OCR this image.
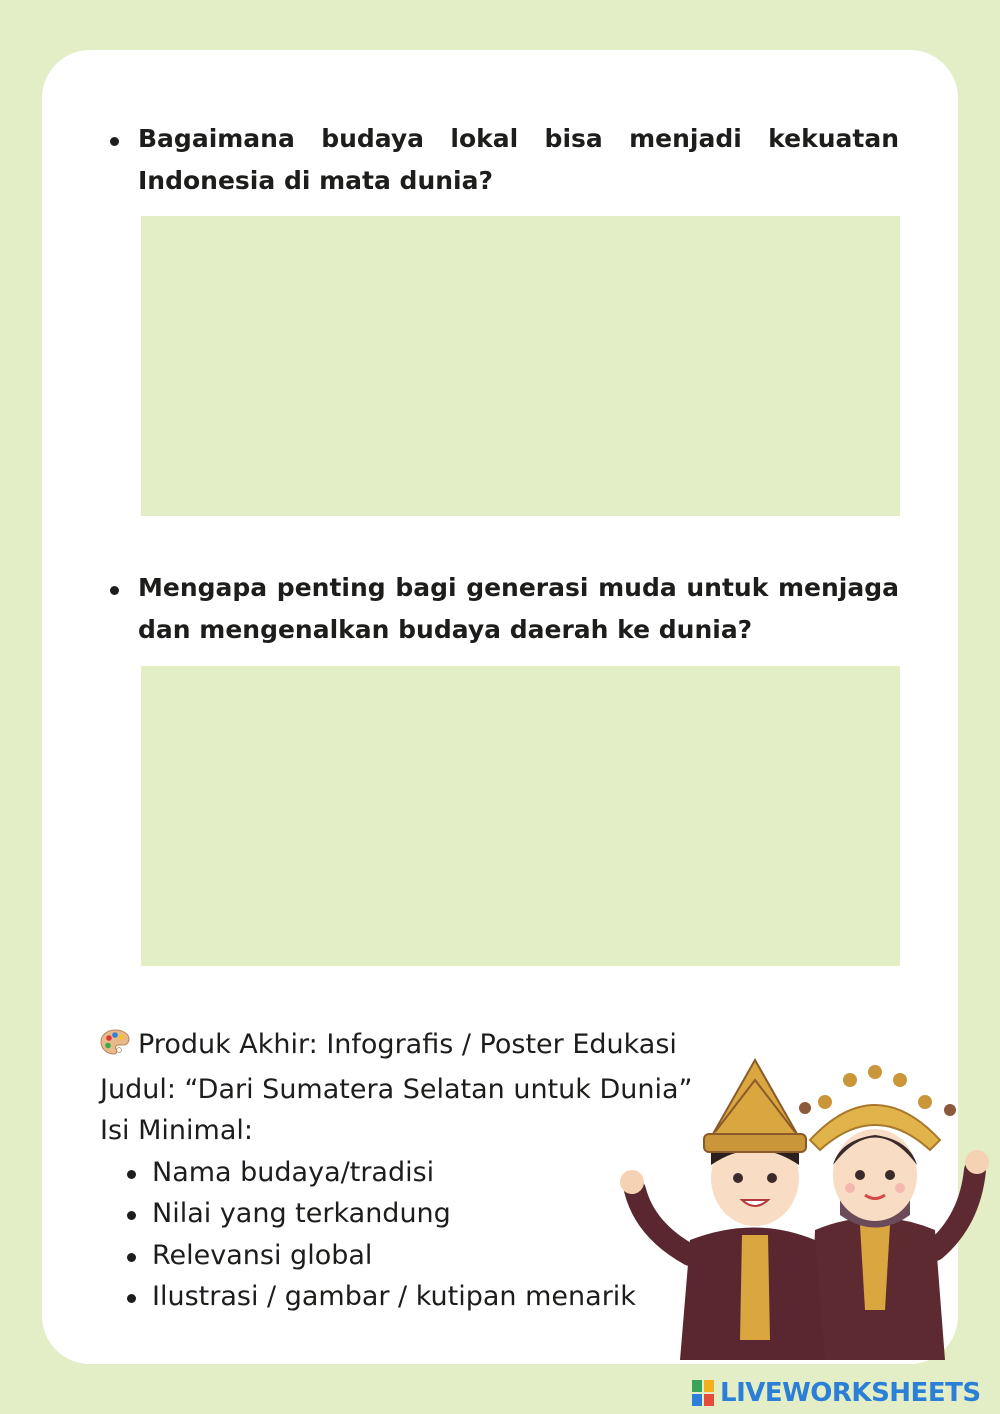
Bagaimana budaya lokal bisa menjadi kekuatan Indonesia di mata dunia?
Mengapa penting bagi generasi muda untuk menjaga dan mengenalkan budaya daerah ke dunia?
Produk Akhir: Infografis / Poster Edukasi
Judul: “Dari Sumatera Selatan untuk Dunia”
Isi Minimal:
Nama budaya/tradisi
Nilai yang terkandung
Relevansi global
Ilustrasi / gambar / kutipan menarik
LIVEWORKSHEETS
